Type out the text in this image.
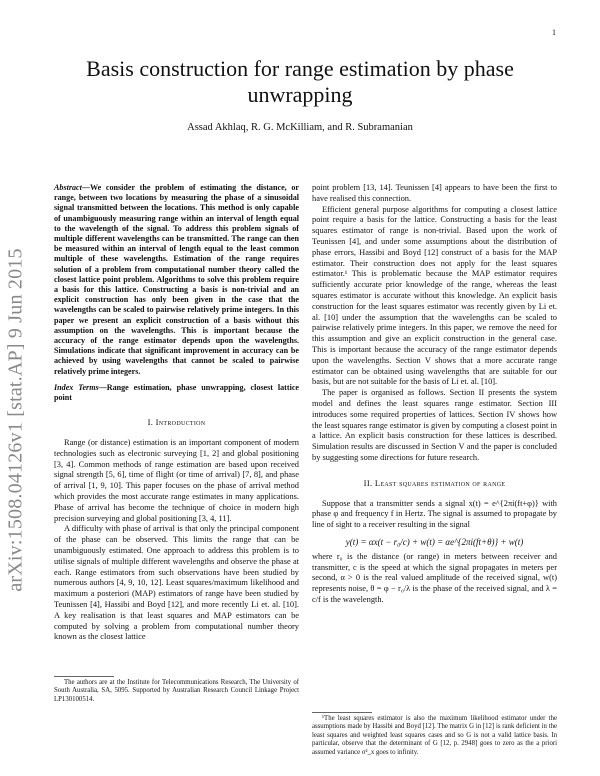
1
arXiv:1508.04126v1 [stat.AP] 9 Jun 2015
Basis construction for range estimation by phase unwrapping
Assad Akhlaq, R. G. McKilliam, and R. Subramanian
Abstract—We consider the problem of estimating the distance, or range, between two locations by measuring the phase of a sinusoidal signal transmitted between the locations. This method is only capable of unambiguously measuring range within an interval of length equal to the wavelength of the signal. To address this problem signals of multiple different wavelengths can be transmitted. The range can then be measured within an interval of length equal to the least common multiple of these wavelengths. Estimation of the range requires solution of a problem from computational number theory called the closest lattice point problem. Algorithms to solve this problem require a basis for this lattice. Constructing a basis is non-trivial and an explicit construction has only been given in the case that the wavelengths can be scaled to pairwise relatively prime integers. In this paper we present an explicit construction of a basis without this assumption on the wavelengths. This is important because the accuracy of the range estimator depends upon the wavelengths. Simulations indicate that significant improvement in accuracy can be achieved by using wavelengths that cannot be scaled to pairwise relatively prime integers.
Index Terms—Range estimation, phase unwrapping, closest lattice point
I. Introduction

Range (or distance) estimation is an important component of modern technologies such as electronic surveying [1, 2] and global positioning [3, 4]. Common methods of range estimation are based upon received signal strength [5, 6], time of flight (or time of arrival) [7, 8], and phase of arrival [1, 9, 10]. This paper focuses on the phase of arrival method which provides the most accurate range estimates in many applications. Phase of arrival has become the technique of choice in modern high precision surveying and global positioning [3, 4, 11].

A difficulty with phase of arrival is that only the principal component of the phase can be observed. This limits the range that can be unambiguously estimated. One approach to address this problem is to utilise signals of multiple different wavelengths and observe the phase at each. Range estimators from such observations have been studied by numerous authors [4, 9, 10, 12]. Least squares/maximum likelihood and maximum a posteriori (MAP) estimators of range have been studied by Teunissen [4], Hassibi and Boyd [12], and more recently Li et. al. [10]. A key realisation is that least squares and MAP estimators can be computed by solving a problem from computational number theory known as the closest lattice

The authors are at the Institute for Telecommunications Research, The University of South Australia, SA, 5095. Supported by Australian Research Council Linkage Project LP130100514.

point problem [13, 14]. Teunissen [4] appears to have been the first to have realised this connection.

Efficient general purpose algorithms for computing a closest lattice point require a basis for the lattice. Constructing a basis for the least squares estimator of range is non-trivial. Based upon the work of Teunissen [4], and under some assumptions about the distribution of phase errors, Hassibi and Boyd [12] construct of a basis for the MAP estimator. Their construction does not apply for the least squares estimator.¹ This is problematic because the MAP estimator requires sufficiently accurate prior knowledge of the range, whereas the least squares estimator is accurate without this knowledge. An explicit basis construction for the least squares estimator was recently given by Li et. al. [10] under the assumption that the wavelengths can be scaled to pairwise relatively prime integers. In this paper, we remove the need for this assumption and give an explicit construction in the general case. This is important because the accuracy of the range estimator depends upon the wavelengths. Section V shows that a more accurate range estimator can be obtained using wavelengths that are suitable for our basis, but are not suitable for the basis of Li et. al. [10].

The paper is organised as follows. Section II presents the system model and defines the least squares range estimator. Section III introduces some required properties of lattices. Section IV shows how the least squares range estimator is given by computing a closest point in a lattice. An explicit basis construction for these lattices is described. Simulation results are discussed in Section V and the paper is concluded by suggesting some directions for future research.

II. Least squares estimation of range

Suppose that a transmitter sends a signal x(t) = e^{2πi(ft+φ)} with phase φ and frequency f in Hertz. The signal is assumed to propagate by line of sight to a receiver resulting in the signal

y(t) = αx(t − r₀/c) + w(t) = αe^{2πi(ft+θ)} + w(t)

where r₀ is the distance (or range) in meters between receiver and transmitter, c is the speed at which the signal propagates in meters per second, α > 0 is the real valued amplitude of the received signal, w(t) represents noise, θ = φ − r₀/λ is the phase of the received signal, and λ = c/f is the wavelength.

¹The least squares estimator is also the maximum likelihood estimator under the assumptions made by Hassibi and Boyd [12]. The matrix G in [12] is rank deficient in the least squares and weighted least squares cases and so G is not a valid lattice basis. In particular, observe that the determinant of G [12, p. 2948] goes to zero as the a priori assumed variance σ²_x goes to infinity.
